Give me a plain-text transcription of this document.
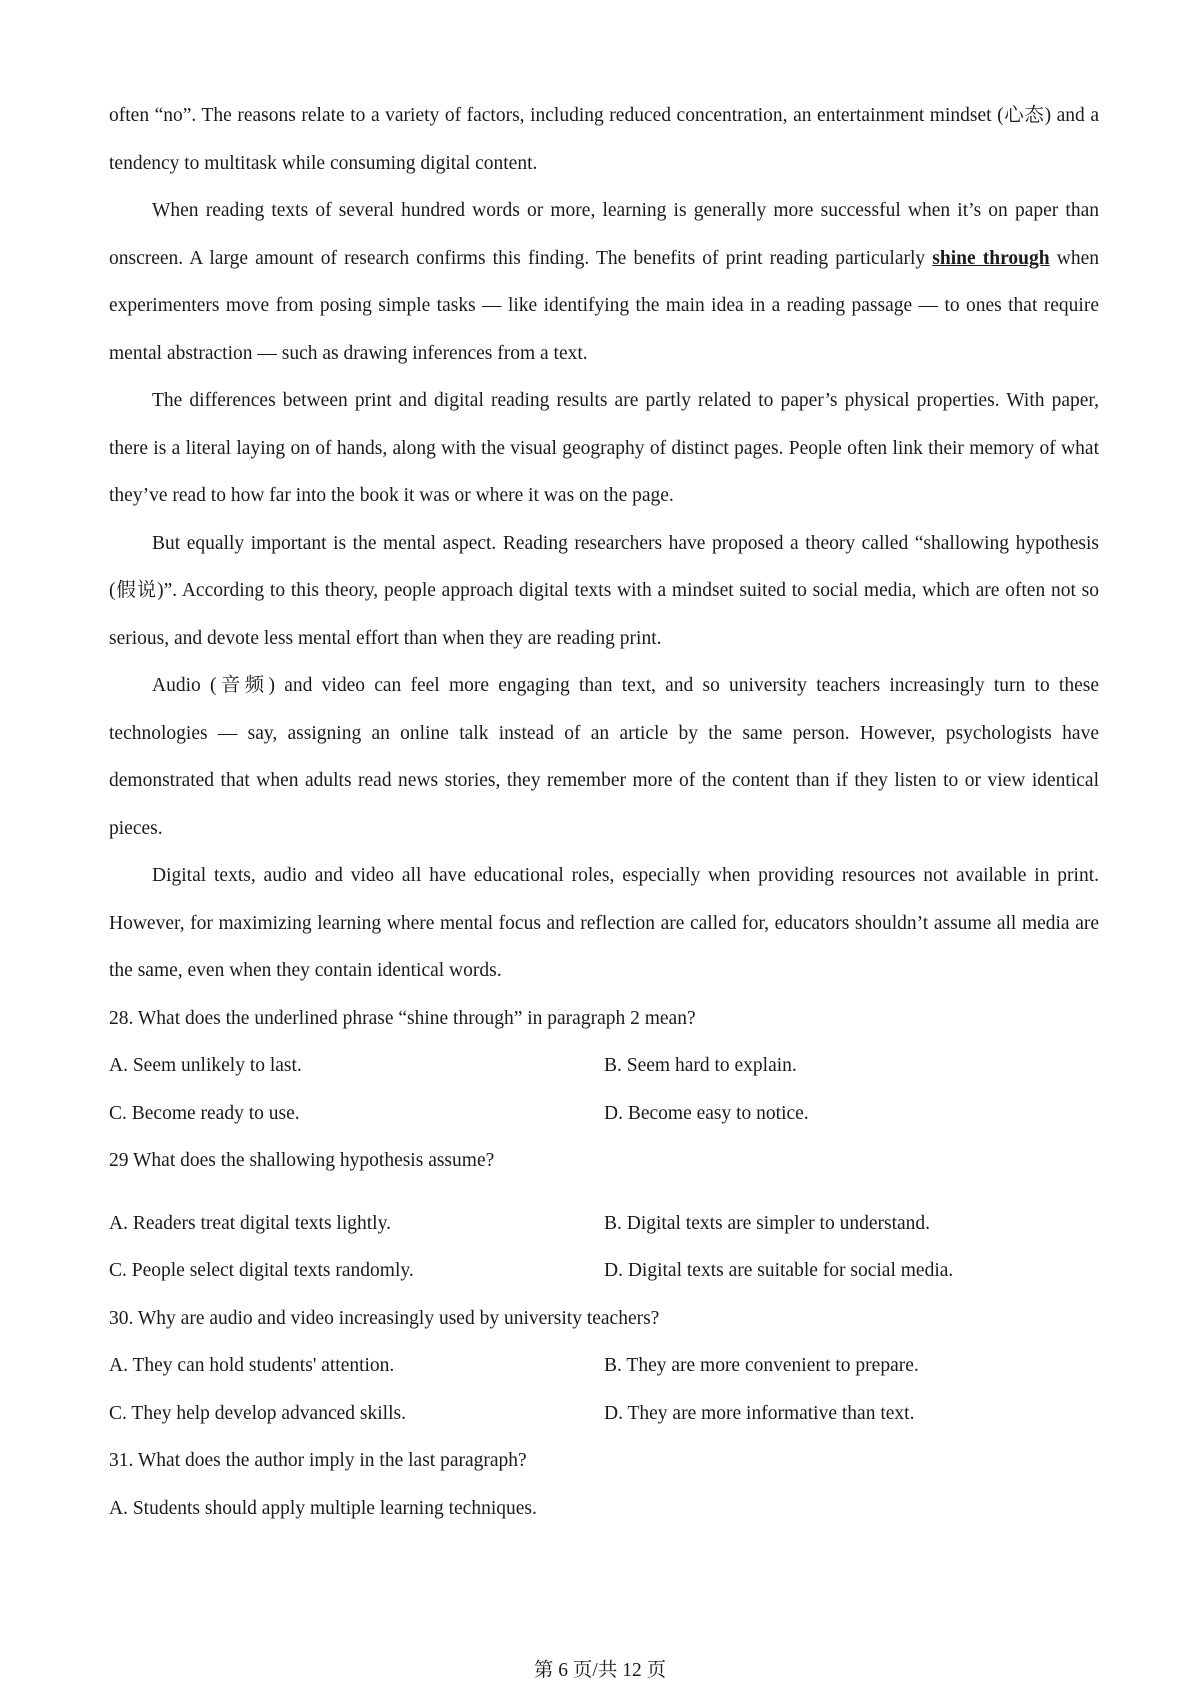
often “no”. The reasons relate to a variety of factors, including reduced concentration, an entertainment mindset (心态) and a tendency to multitask while consuming digital content.

When reading texts of several hundred words or more, learning is generally more successful when it’s on paper than onscreen. A large amount of research confirms this finding. The benefits of print reading particularly shine through when experimenters move from posing simple tasks — like identifying the main idea in a reading passage — to ones that require mental abstraction — such as drawing inferences from a text.

The differences between print and digital reading results are partly related to paper’s physical properties. With paper, there is a literal laying on of hands, along with the visual geography of distinct pages. People often link their memory of what they’ve read to how far into the book it was or where it was on the page.

But equally important is the mental aspect. Reading researchers have proposed a theory called “shallowing hypothesis (假说)”. According to this theory, people approach digital texts with a mindset suited to social media, which are often not so serious, and devote less mental effort than when they are reading print.

Audio (音频) and video can feel more engaging than text, and so university teachers increasingly turn to these technologies — say, assigning an online talk instead of an article by the same person. However, psychologists have demonstrated that when adults read news stories, they remember more of the content than if they listen to or view identical pieces.

Digital texts, audio and video all have educational roles, especially when providing resources not available in print. However, for maximizing learning where mental focus and reflection are called for, educators shouldn’t assume all media are the same, even when they contain identical words.

28. What does the underlined phrase “shine through” in paragraph 2 mean?

A. Seem unlikely to last.	B. Seem hard to explain.
C. Become ready to use.	D. Become easy to notice.

29 What does the shallowing hypothesis assume?

A. Readers treat digital texts lightly.	B. Digital texts are simpler to understand.
C. People select digital texts randomly.	D. Digital texts are suitable for social media.

30. Why are audio and video increasingly used by university teachers?

A. They can hold students' attention.	B. They are more convenient to prepare.
C. They help develop advanced skills.	D. They are more informative than text.

31. What does the author imply in the last paragraph?

A. Students should apply multiple learning techniques.
第 6 页/共 12 页
